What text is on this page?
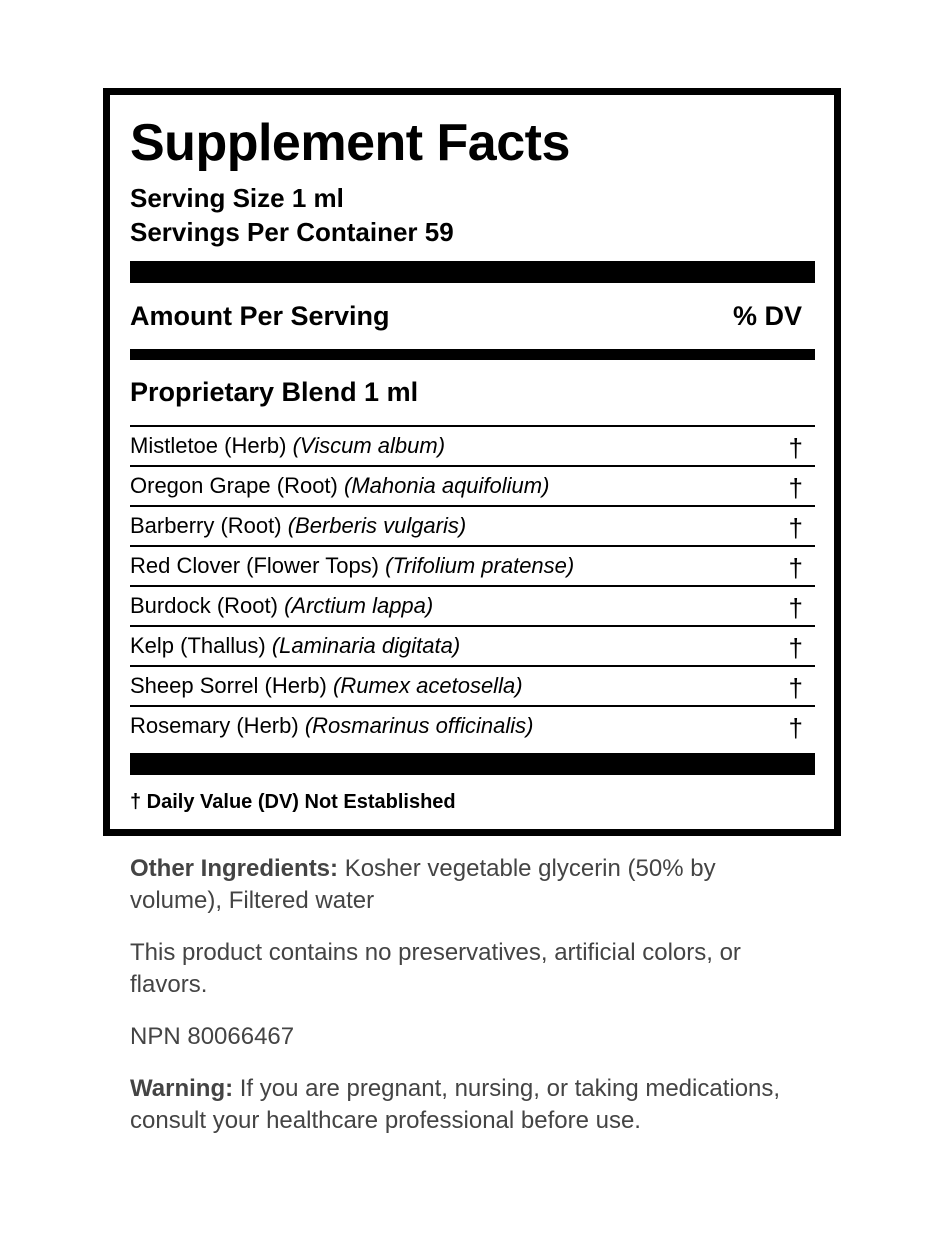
Supplement Facts
Serving Size 1 ml
Servings Per Container 59
Amount Per Serving	% DV
Proprietary Blend 1 ml
Mistletoe (Herb) (Viscum album)	†
Oregon Grape (Root) (Mahonia aquifolium)	†
Barberry (Root) (Berberis vulgaris)	†
Red Clover (Flower Tops) (Trifolium pratense)	†
Burdock (Root) (Arctium lappa)	†
Kelp (Thallus) (Laminaria digitata)	†
Sheep Sorrel (Herb) (Rumex acetosella)	†
Rosemary (Herb) (Rosmarinus officinalis)	†
† Daily Value (DV) Not Established
Other Ingredients: Kosher vegetable glycerin (50% by volume), Filtered water
This product contains no preservatives, artificial colors, or flavors.
NPN 80066467
Warning: If you are pregnant, nursing, or taking medications, consult your healthcare professional before use.
